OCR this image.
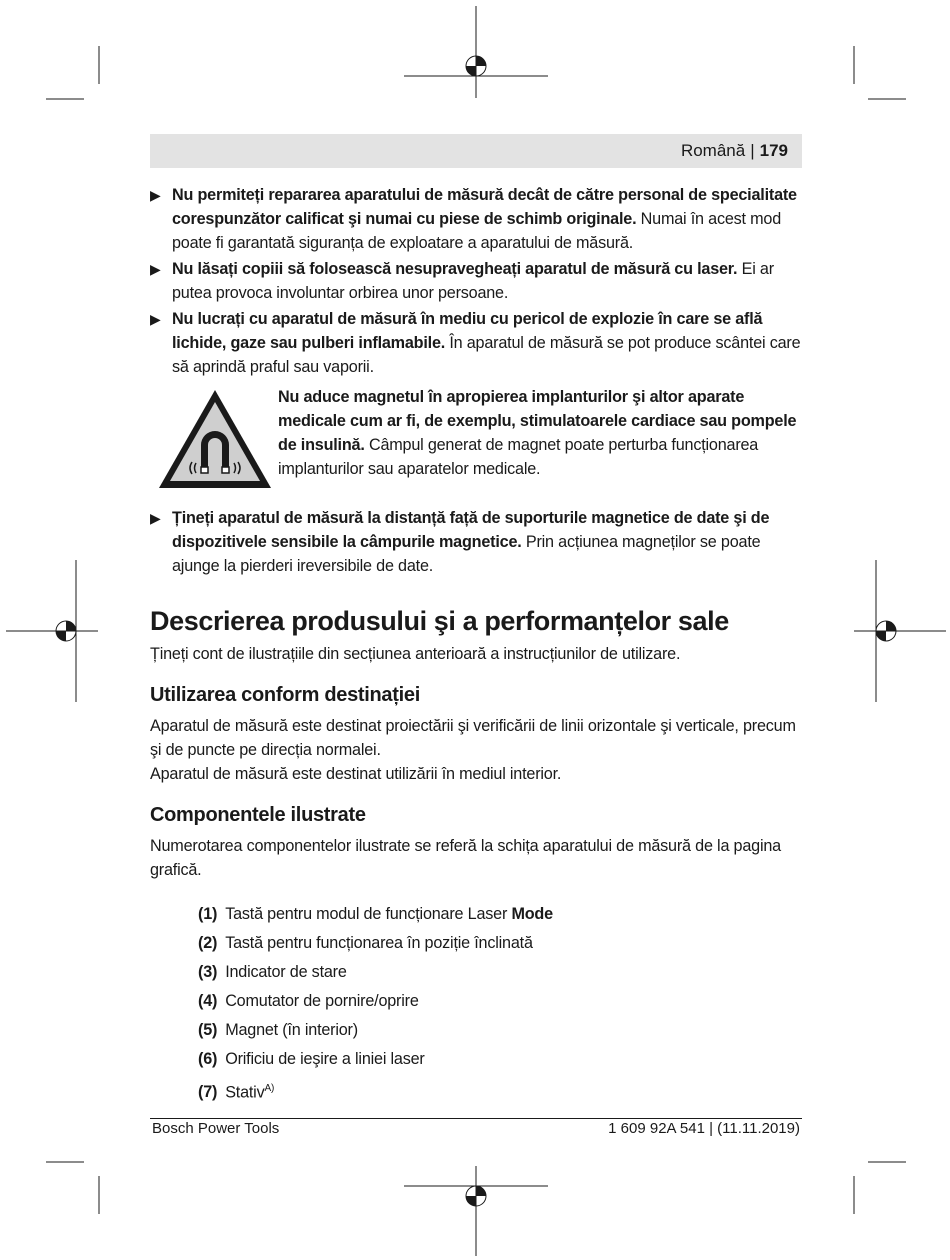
Română | 179
▶ Nu permiteți repararea aparatului de măsură decât de către personal de specialitate corespunzător calificat şi numai cu piese de schimb originale. Numai în acest mod poate fi garantată siguranța de exploatare a aparatului de măsură.
▶ Nu lăsați copiii să folosească nesupravegheați aparatul de măsură cu laser. Ei ar putea provoca involuntar orbirea unor persoane.
▶ Nu lucrați cu aparatul de măsură în mediu cu pericol de explozie în care se află lichide, gaze sau pulberi inflamabile. În aparatul de măsură se pot produce scântei care să aprindă praful sau vaporii.
Nu aduce magnetul în apropierea implanturilor şi altor aparate medicale cum ar fi, de exemplu, stimulatoarele cardiace sau pompele de insulină. Câmpul generat de magnet poate perturba funcționarea implanturilor sau aparatelor medicale.
▶ Țineți aparatul de măsură la distanță față de suporturile magnetice de date şi de dispozitivele sensibile la câmpurile magnetice. Prin acțiunea magneților se poate ajunge la pierderi ireversibile de date.
Descrierea produsului şi a performanțelor sale

Țineți cont de ilustrațiile din secțiunea anterioară a instrucțiunilor de utilizare.

Utilizarea conform destinației

Aparatul de măsură este destinat proiectării şi verificării de linii orizontale şi verticale, precum şi de puncte pe direcția normalei.

Aparatul de măsură este destinat utilizării în mediul interior.

Componentele ilustrate

Numerotarea componentelor ilustrate se referă la schița aparatului de măsură de la pagina grafică.

(1) Tastă pentru modul de funcționare Laser Mode
(2) Tastă pentru funcționarea în poziție înclinată
(3) Indicator de stare
(4) Comutator de pornire/oprire
(5) Magnet (în interior)
(6) Orificiu de ieşire a liniei laser
(7) Stativ$^{A)}$
Bosch Power Tools	1 609 92A 541 | (11.11.2019)
